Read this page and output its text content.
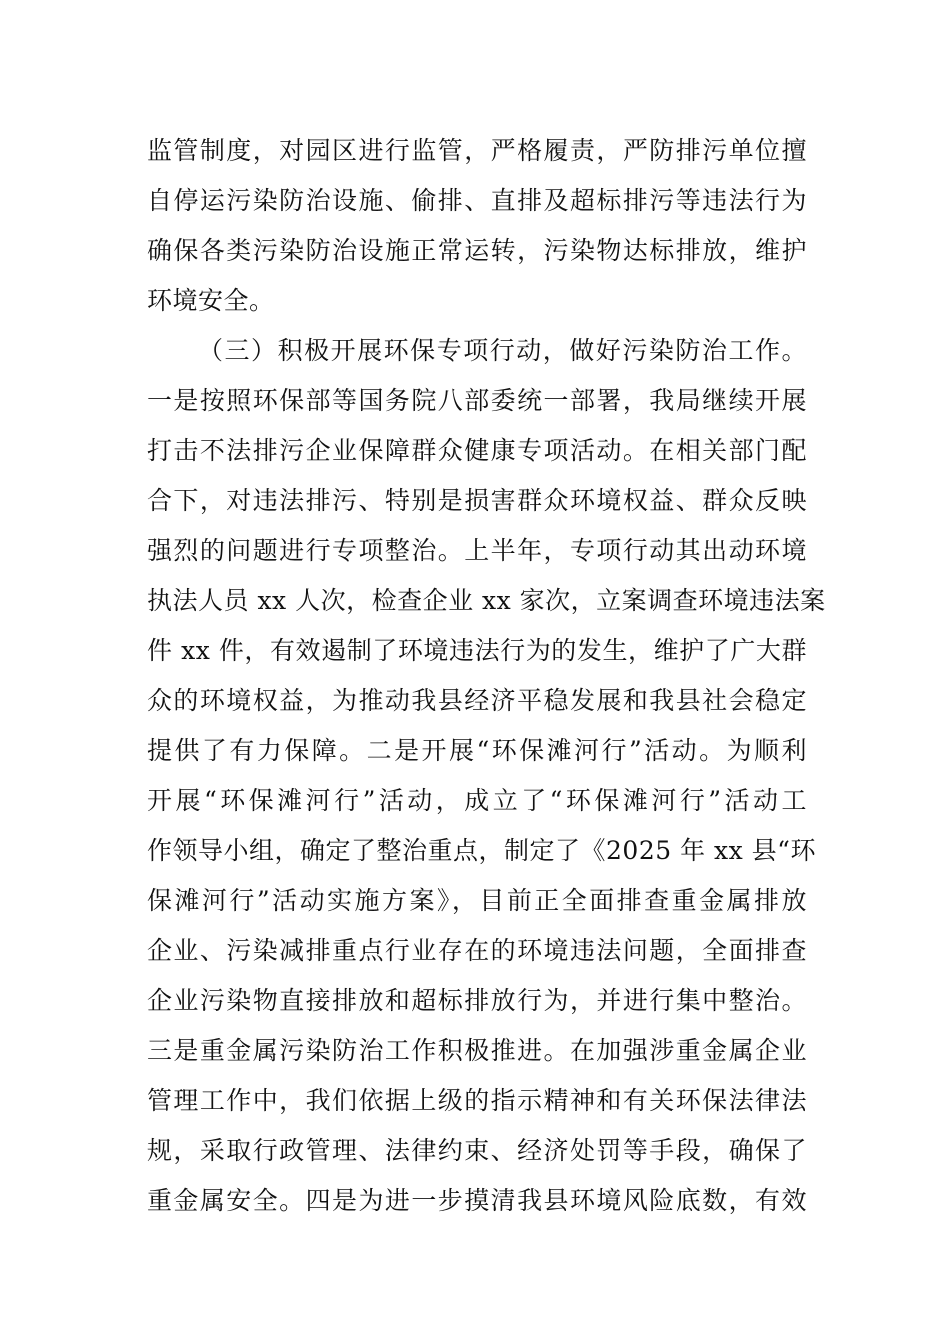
监管制度，对园区进行监管，严格履责，严防排污单位擅
自停运污染防治设施、偷排、直排及超标排污等违法行为
确保各类污染防治设施正常运转，污染物达标排放，维护
环境安全。
（三）积极开展环保专项行动，做好污染防治工作。
一是按照环保部等国务院八部委统一部署，我局继续开展
打击不法排污企业保障群众健康专项活动。在相关部门配
合下，对违法排污、特别是损害群众环境权益、群众反映
强烈的问题进行专项整治。上半年，专项行动其出动环境
执法人员 xx 人次，检查企业 xx 家次，立案调查环境违法案
件 xx 件，有效遏制了环境违法行为的发生，维护了广大群
众的环境权益，为推动我县经济平稳发展和我县社会稳定
提供了有力保障。二是开展“环保滩河行”活动。为顺利
开展“环保滩河行”活动，成立了“环保滩河行”活动工
作领导小组，确定了整治重点，制定了《2025 年 xx 县“环
保滩河行”活动实施方案》，目前正全面排查重金属排放
企业、污染减排重点行业存在的环境违法问题，全面排查
企业污染物直接排放和超标排放行为，并进行集中整治。
三是重金属污染防治工作积极推进。在加强涉重金属企业
管理工作中，我们依据上级的指示精神和有关环保法律法
规，采取行政管理、法律约束、经济处罚等手段，确保了
重金属安全。四是为进一步摸清我县环境风险底数，有效
